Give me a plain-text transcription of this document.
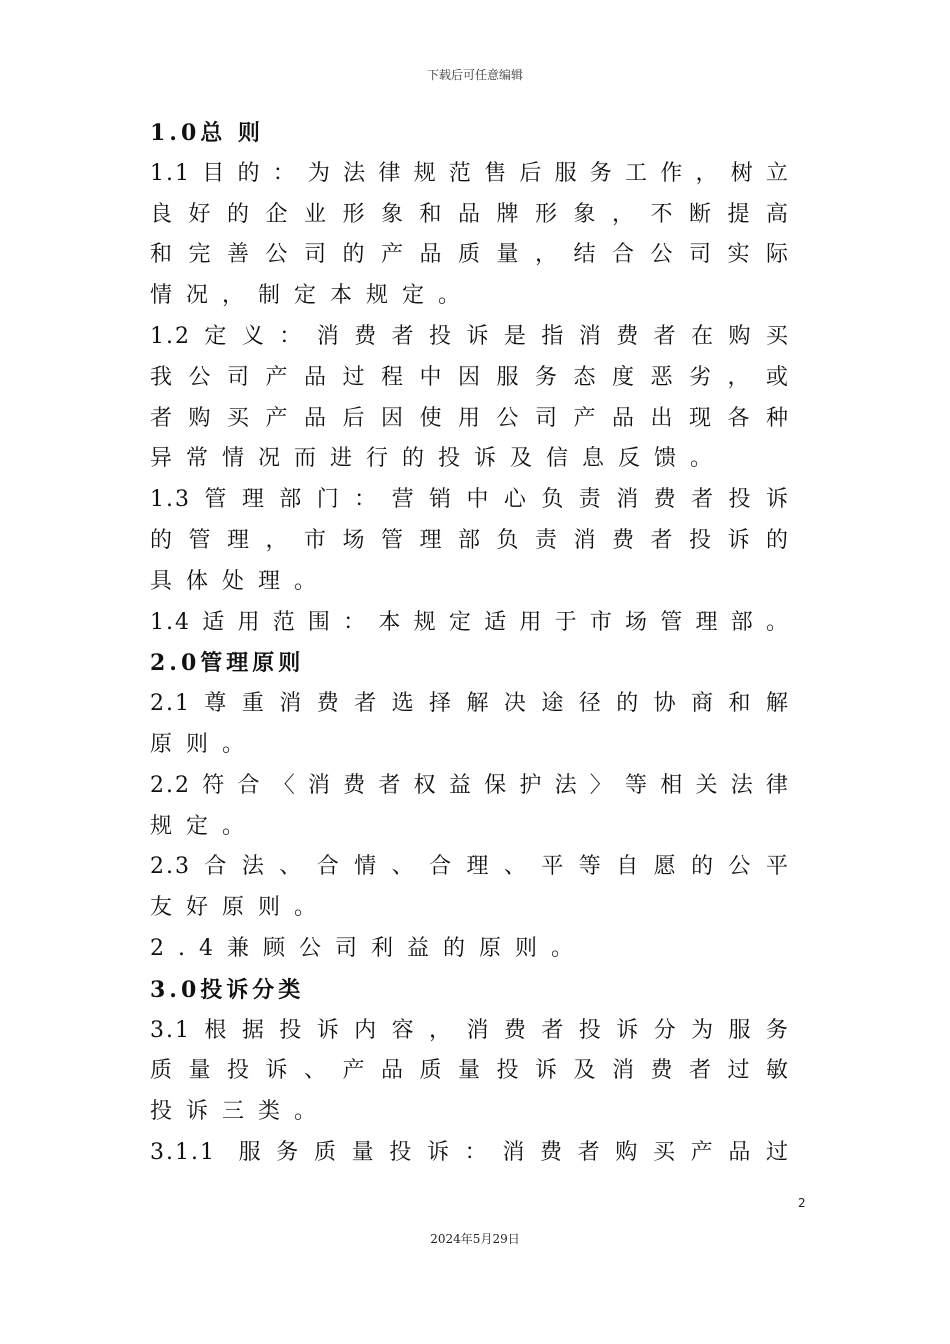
下载后可任意编辑
1.0总 则
1.1目的：为法律规范售后服务工作，树立
良好的企业形象和品牌形象，不断提高
和完善公司的产品质量，结合公司实际
情况，制定本规定。
1.2定义：消费者投诉是指消费者在购买
我公司产品过程中因服务态度恶劣，或
者购买产品后因使用公司产品出现各种
异常情况而进行的投诉及信息反馈。
1.3管理部门：营销中心负责消费者投诉
的管理，市场管理部负责消费者投诉的
具体处理。
1.4适用范围：本规定适用于市场管理部。
2.0管理原则
2.1尊重消费者选择解决途径的协商和解
原则。
2.2符合〈消费者权益保护法〉等相关法律
规定。
2.3合法、合情、合理、平等自愿的公平
友好原则。
2.4兼顾公司利益的原则。
3.0投诉分类
3.1根据投诉内容，消费者投诉分为服务
质量投诉、产品质量投诉及消费者过敏
投诉三类。
3.1.1 服务质量投诉：消费者购买产品过
2
2024年5月29日
